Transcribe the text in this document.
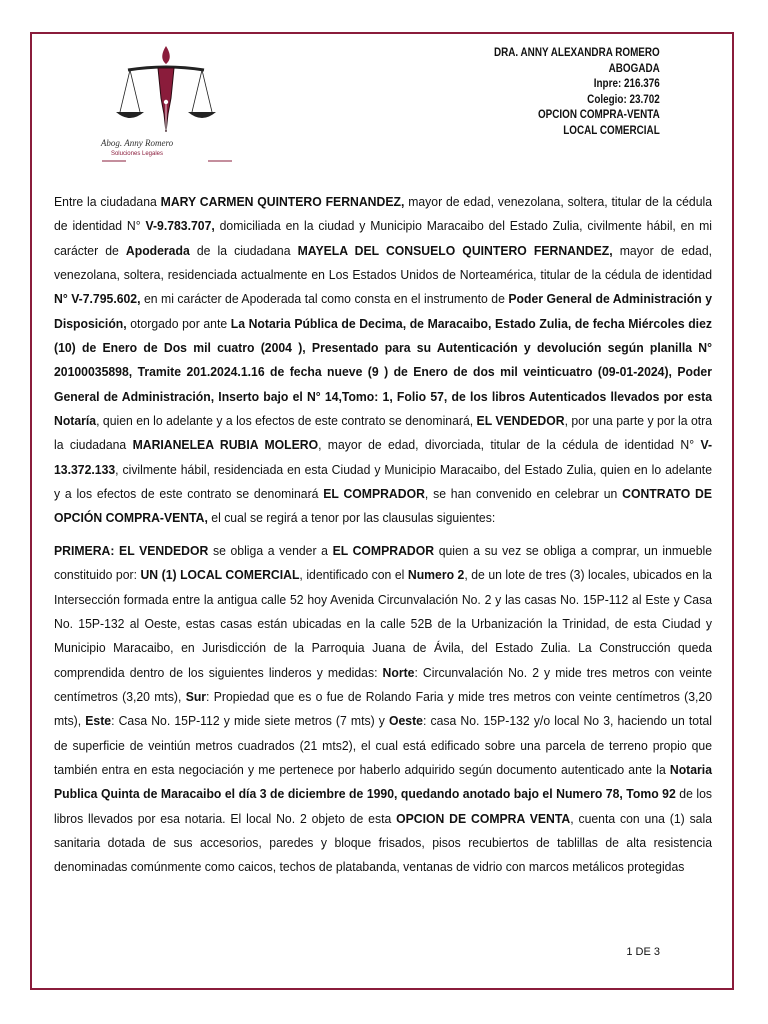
Abog. Anny Romero
Soluciones Legales
DRA. ANNY ALEXANDRA ROMERO
ABOGADA
Inpre: 216.376
Colegio: 23.702
OPCION COMPRA-VENTA
LOCAL COMERCIAL

Entre la ciudadana MARY CARMEN QUINTERO FERNANDEZ, mayor de edad, venezolana, soltera, titular de la cédula de identidad N° V-9.783.707, domiciliada en la ciudad y Municipio Maracaibo del Estado Zulia, civilmente hábil, en mi carácter de Apoderada de la ciudadana MAYELA DEL CONSUELO QUINTERO FERNANDEZ, mayor de edad, venezolana, soltera, residenciada actualmente en Los Estados Unidos de Norteamérica, titular de la cédula de identidad N° V-7.795.602, en mi carácter de Apoderada tal como consta en el instrumento de Poder General de Administración y Disposición, otorgado por ante La Notaria Pública de Decima, de Maracaibo, Estado Zulia, de fecha Miércoles diez (10) de Enero de Dos mil cuatro (2004 ), Presentado para su Autenticación y devolución según planilla N° 20100035898, Tramite 201.2024.1.16 de fecha nueve (9 ) de Enero de dos mil veinticuatro (09-01-2024), Poder General de Administración, Inserto bajo el N° 14,Tomo: 1, Folio 57, de los libros Autenticados llevados por esta Notaría, quien en lo adelante y a los efectos de este contrato se denominará, EL VENDEDOR, por una parte y por la otra la ciudadana MARIANELEA RUBIA MOLERO, mayor de edad, divorciada, titular de la cédula de identidad N° V-13.372.133, civilmente hábil, residenciada en esta Ciudad y Municipio Maracaibo, del Estado Zulia, quien en lo adelante y a los efectos de este contrato se denominará EL COMPRADOR, se han convenido en celebrar un CONTRATO DE OPCIÓN COMPRA-VENTA, el cual se regirá a tenor por las clausulas siguientes:

PRIMERA: EL VENDEDOR se obliga a vender a EL COMPRADOR quien a su vez se obliga a comprar, un inmueble constituido por: UN (1) LOCAL COMERCIAL, identificado con el Numero 2, de un lote de tres (3) locales, ubicados en la Intersección formada entre la antigua calle 52 hoy Avenida Circunvalación No. 2 y las casas No. 15P-112 al Este y Casa No. 15P-132 al Oeste, estas casas están ubicadas en la calle 52B de la Urbanización la Trinidad, de esta Ciudad y Municipio Maracaibo, en Jurisdicción de la Parroquia Juana de Ávila, del Estado Zulia. La Construcción queda comprendida dentro de los siguientes linderos y medidas: Norte: Circunvalación No. 2 y mide tres metros con veinte centímetros (3,20 mts), Sur: Propiedad que es o fue de Rolando Faria y mide tres metros con veinte centímetros (3,20 mts), Este: Casa No. 15P-112 y mide siete metros (7 mts) y Oeste: casa No. 15P-132 y/o local No 3, haciendo un total de superficie de veintiún metros cuadrados (21 mts2), el cual está edificado sobre una parcela de terreno propio que también entra en esta negociación y me pertenece por haberlo adquirido según documento autenticado ante la Notaria Publica Quinta de Maracaibo el día 3 de diciembre de 1990, quedando anotado bajo el Numero 78, Tomo 92 de los libros llevados por esa notaria. El local No. 2 objeto de esta OPCION DE COMPRA VENTA, cuenta con una (1) sala sanitaria dotada de sus accesorios, paredes y bloque frisados, pisos recubiertos de tablillas de alta resistencia denominadas comúnmente como caicos, techos de platabanda, ventanas de vidrio con marcos metálicos protegidas

1 DE 3
